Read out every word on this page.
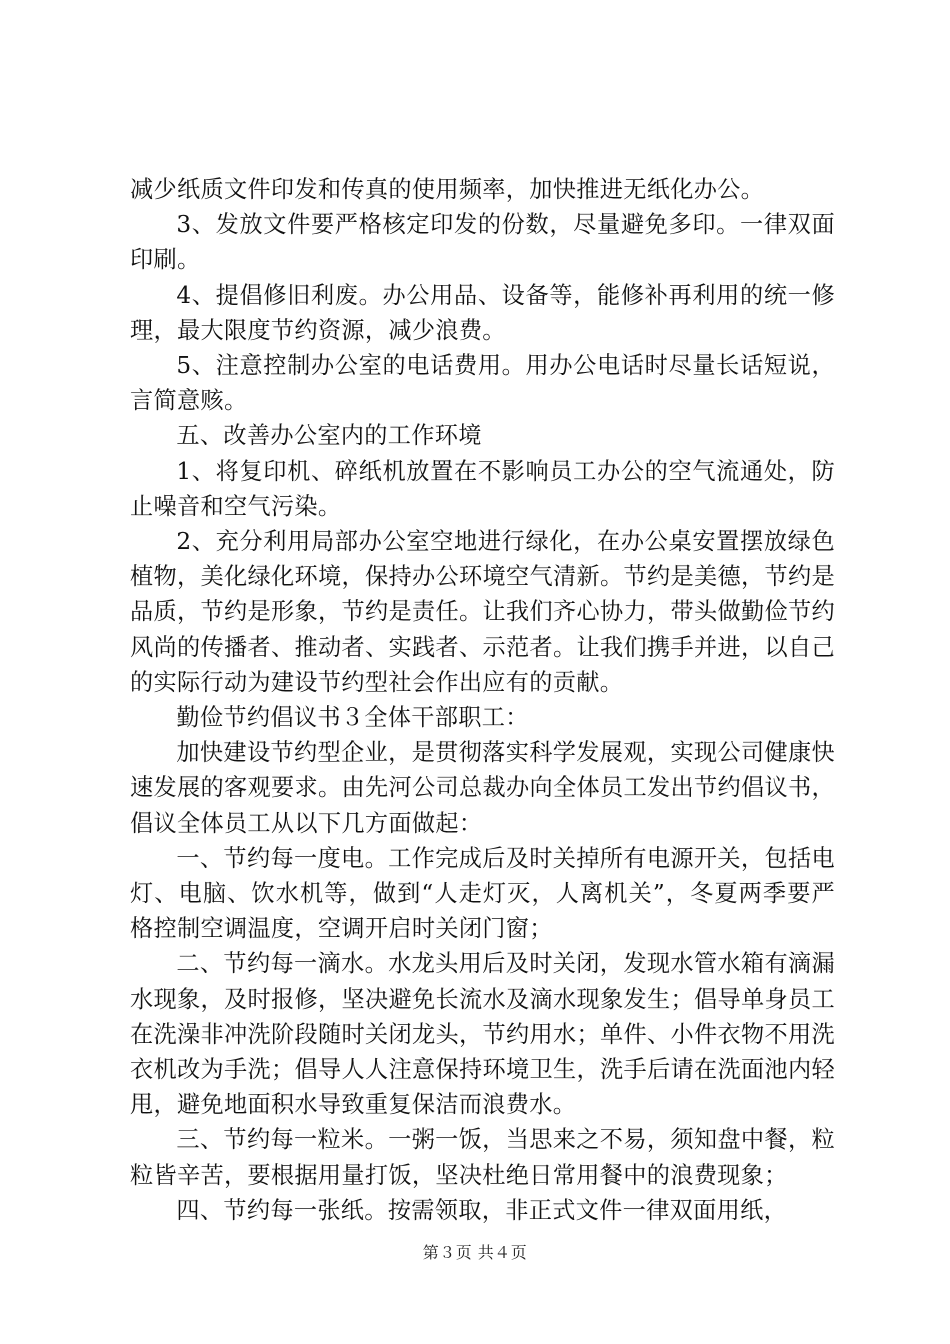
减少纸质文件印发和传真的使用频率，加快推进无纸化办公。

3、发放文件要严格核定印发的份数，尽量避免多印。一律双面印刷。

4、提倡修旧利废。办公用品、设备等，能修补再利用的统一修理，最大限度节约资源，减少浪费。

5、注意控制办公室的电话费用。用办公电话时尽量长话短说，言简意赅。

五、改善办公室内的工作环境

1、将复印机、碎纸机放置在不影响员工办公的空气流通处，防止噪音和空气污染。

2、充分利用局部办公室空地进行绿化，在办公桌安置摆放绿色植物，美化绿化环境，保持办公环境空气清新。节约是美德，节约是品质，节约是形象，节约是责任。让我们齐心协力，带头做勤俭节约风尚的传播者、推动者、实践者、示范者。让我们携手并进，以自己的实际行动为建设节约型社会作出应有的贡献。

勤俭节约倡议书３全体干部职工：

加快建设节约型企业，是贯彻落实科学发展观，实现公司健康快速发展的客观要求。由先河公司总裁办向全体员工发出节约倡议书，倡议全体员工从以下几方面做起：

一、节约每一度电。工作完成后及时关掉所有电源开关，包括电灯、电脑、饮水机等，做到“人走灯灭，人离机关”，冬夏两季要严格控制空调温度，空调开启时关闭门窗；

二、节约每一滴水。水龙头用后及时关闭，发现水管水箱有滴漏水现象，及时报修，坚决避免长流水及滴水现象发生；倡导单身员工在洗澡非冲洗阶段随时关闭龙头，节约用水；单件、小件衣物不用洗衣机改为手洗；倡导人人注意保持环境卫生，洗手后请在洗面池内轻甩，避免地面积水导致重复保洁而浪费水。

三、节约每一粒米。一粥一饭，当思来之不易，须知盘中餐，粒粒皆辛苦，要根据用量打饭，坚决杜绝日常用餐中的浪费现象；

四、节约每一张纸。按需领取，非正式文件一律双面用纸，

第３页 共４页
